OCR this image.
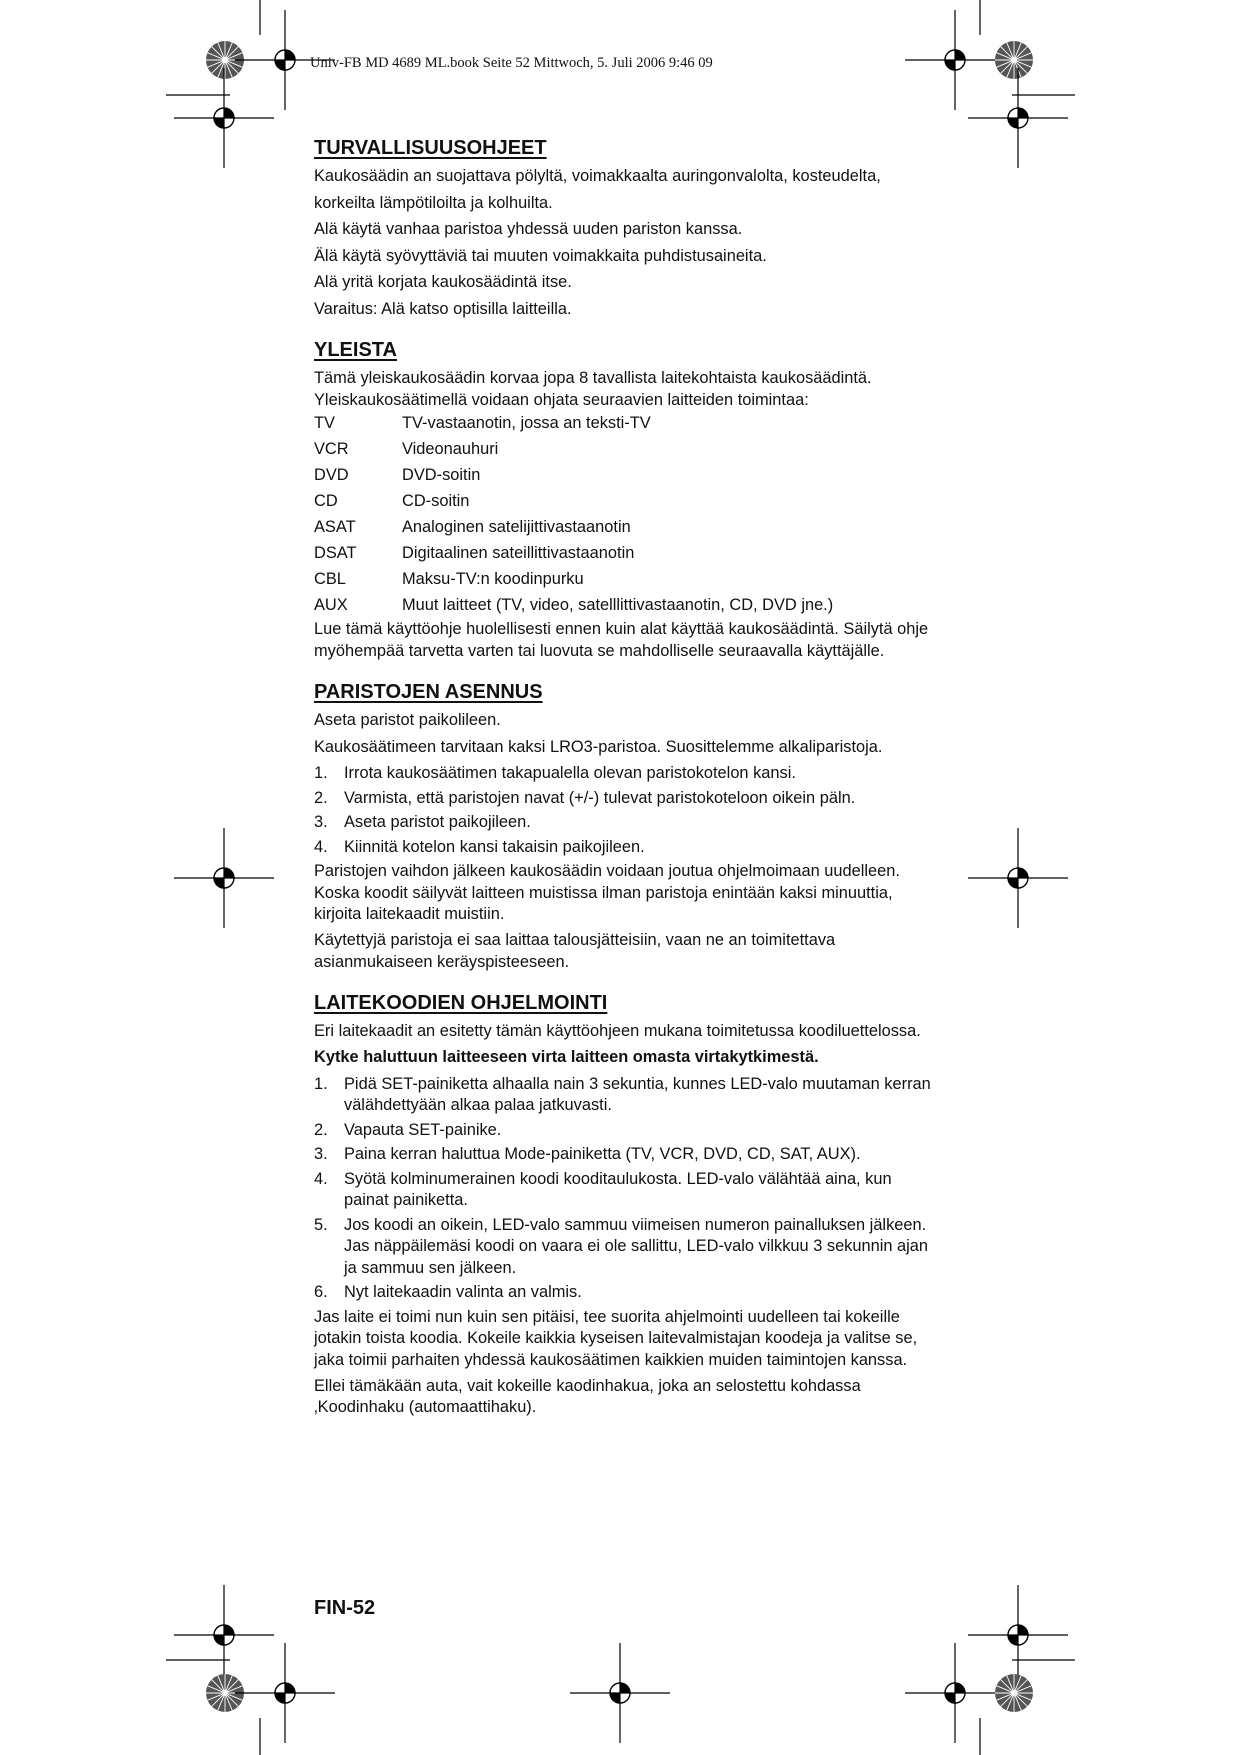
Univ-FB MD 4689 ML.book Seite 52 Mittwoch, 5. Juli 2006 9:46 09
TURVALLISUUSOHJEET

Kaukosäädin an suojattava pölyltä, voimakkaalta auringonvalolta, kosteudelta,

korkeilta lämpötiloilta ja kolhuilta.

Alä käytä vanhaa paristoa yhdessä uuden pariston kanssa.

Älä käytä syövyttäviä tai muuten voimakkaita puhdistusaineita.

Alä yritä korjata kaukosäädintä itse.

Varaitus: Alä katso optisilla laitteilla.

YLEISTA

Tämä yleiskaukosäädin korvaa jopa 8 tavallista laitekohtaista kaukosäädintä.

Yleiskaukosäätimellä voidaan ohjata seuraavien laitteiden toimintaa:

TV	TV-vastaanotin, jossa an teksti-TV
VCR	Videonauhuri
DVD	DVD-soitin
CD	CD-soitin
ASAT	Analoginen satelijittivastaanotin
DSAT	Digitaalinen sateillittivastaanotin
CBL	Maksu-TV:n koodinpurku
AUX	Muut laitteet (TV, video, satelllittivastaanotin, CD, DVD jne.)

Lue tämä käyttöohje huolellisesti ennen kuin alat käyttää kaukosäädintä. Säilytä ohje myöhempää tarvetta varten tai luovuta se mahdolliselle seuraavalla käyttäjälle.

PARISTOJEN ASENNUS

Aseta paristot paikolileen.

Kaukosäätimeen tarvitaan kaksi LRO3-paristoa. Suosittelemme alkaliparistoja.

1. Irrota kaukosäätimen takapualella olevan paristokotelon kansi.
2. Varmista, että paristojen navat (+/-) tulevat paristokoteloon oikein päln.
3. Aseta paristot paikojileen.
4. Kiinnitä kotelon kansi takaisin paikojileen.

Paristojen vaihdon jälkeen kaukosäädin voidaan joutua ohjelmoimaan uudelleen. Koska koodit säilyvät laitteen muistissa ilman paristoja enintään kaksi minuuttia, kirjoita laitekaadit muistiin.

Käytettyjä paristoja ei saa laittaa talousjätteisiin, vaan ne an toimitettava asianmukaiseen keräyspisteeseen.

LAITEKOODIEN OHJELMOINTI

Eri laitekaadit an esitetty tämän käyttöohjeen mukana toimitetussa koodiluettelossa.

Kytke haluttuun laitteeseen virta laitteen omasta virtakytkimestä.

1. Pidä SET-painiketta alhaalla nain 3 sekuntia, kunnes LED-valo muutaman kerran välähdettyään alkaa palaa jatkuvasti.
2. Vapauta SET-painike.
3. Paina kerran haluttua Mode-painiketta (TV, VCR, DVD, CD, SAT, AUX).
4. Syötä kolminumerainen koodi kooditaulukosta. LED-valo välähtää aina, kun painat painiketta.
5. Jos koodi an oikein, LED-valo sammuu viimeisen numeron painalluksen jälkeen. Jas näppäilemäsi koodi on vaara ei ole sallittu, LED-valo vilkkuu 3 sekunnin ajan ja sammuu sen jälkeen.
6. Nyt laitekaadin valinta an valmis.

Jas laite ei toimi nun kuin sen pitäisi, tee suorita ahjelmointi uudelleen tai kokeille jotakin toista koodia. Kokeile kaikkia kyseisen laitevalmistajan koodeja ja valitse se, jaka toimii parhaiten yhdessä kaukosäätimen kaikkien muiden taimintojen kanssa.

Ellei tämäkään auta, vait kokeille kaodinhakua, joka an selostettu kohdassa ‚Koodinhaku (automaattihaku).

FIN-52
